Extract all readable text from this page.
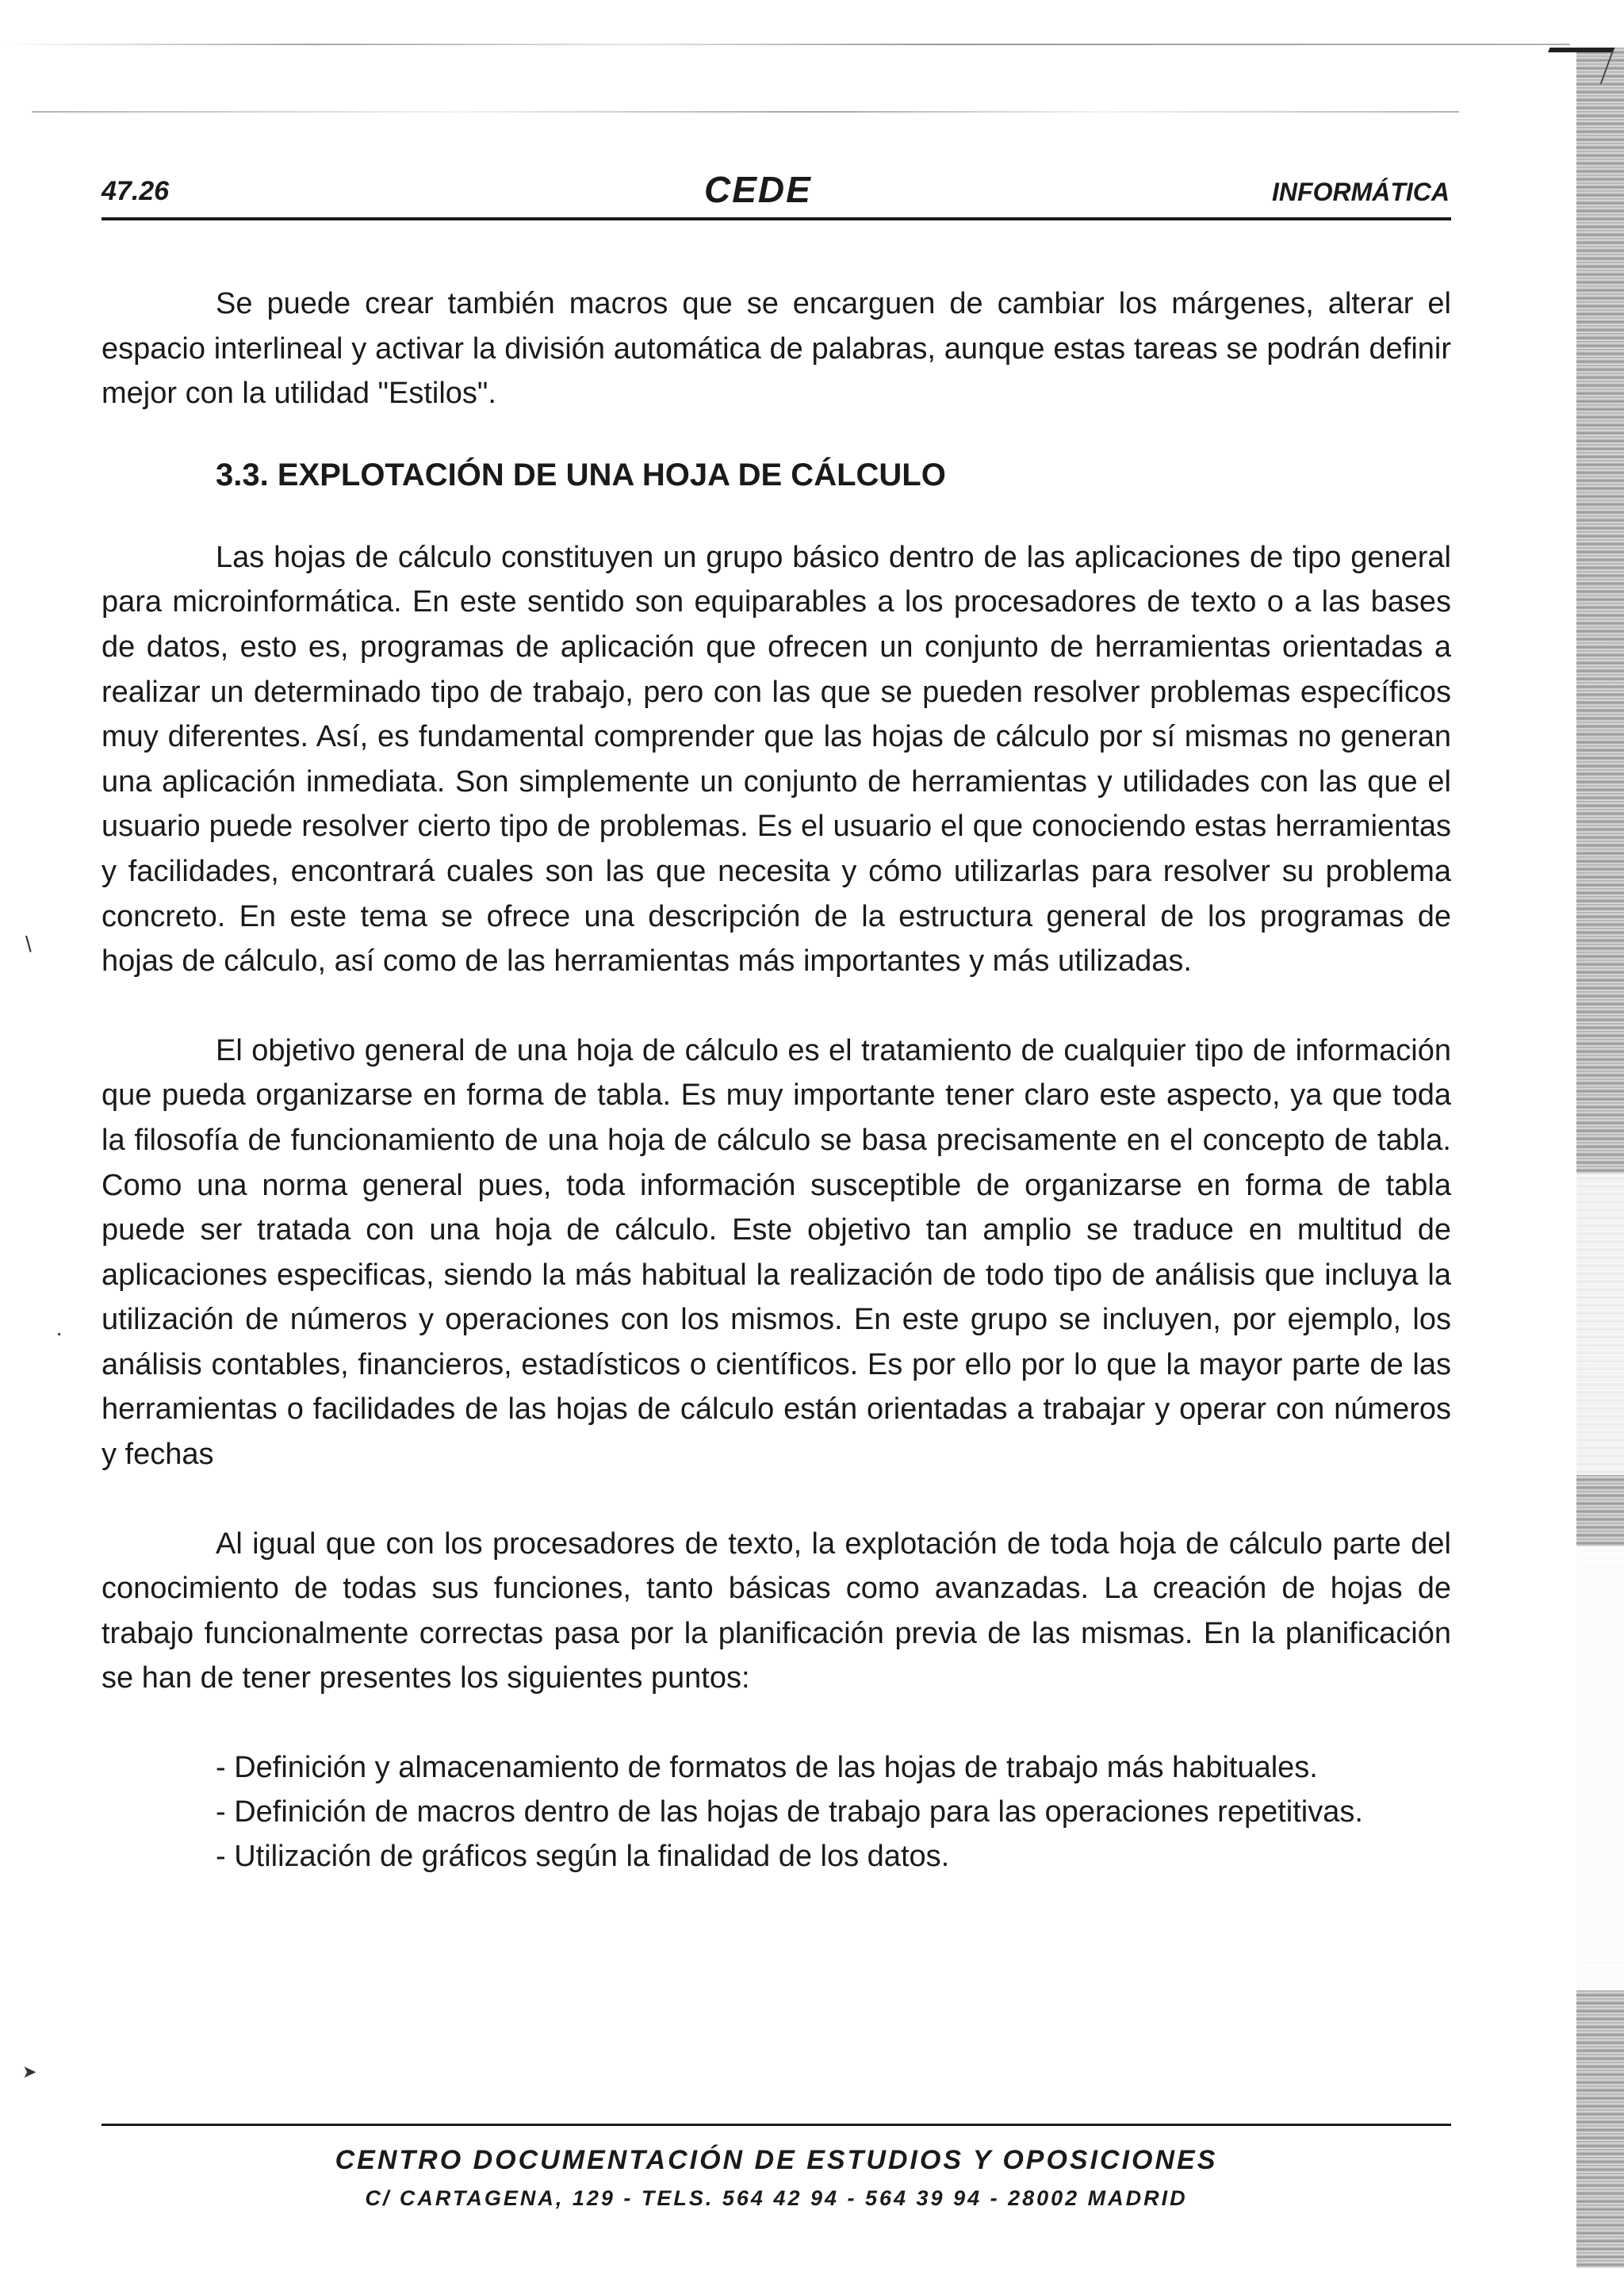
\
·
➤
47.26	CEDE	INFORMÁTICA

Se puede crear también macros que se encarguen de cambiar los márgenes, alterar el espacio interlineal y activar la división automática de palabras, aunque estas tareas se podrán definir mejor con la utilidad "Estilos".

3.3. EXPLOTACIÓN DE UNA HOJA DE CÁLCULO

Las hojas de cálculo constituyen un grupo básico dentro de las aplicaciones de tipo general para microinformática. En este sentido son equiparables a los procesadores de texto o a las bases de datos, esto es, programas de aplicación que ofrecen un conjunto de herramientas orientadas a realizar un determinado tipo de trabajo, pero con las que se pueden resolver problemas específicos muy diferentes. Así, es fundamental comprender que las hojas de cálculo por sí mismas no generan una aplicación inmediata. Son simplemente un conjunto de herramientas y utilidades con las que el usuario puede resolver cierto tipo de problemas. Es el usuario el que conociendo estas herramientas y facilidades, encontrará cuales son las que necesita y cómo utilizarlas para resolver su problema concreto. En este tema se ofrece una descripción de la estructura general de los programas de hojas de cálculo, así como de las herramientas más importantes y más utilizadas.

El objetivo general de una hoja de cálculo es el tratamiento de cualquier tipo de información que pueda organizarse en forma de tabla. Es muy importante tener claro este aspecto, ya que toda la filosofía de funcionamiento de una hoja de cálculo se basa precisamente en el concepto de tabla. Como una norma general pues, toda información susceptible de organizarse en forma de tabla puede ser tratada con una hoja de cálculo. Este objetivo tan amplio se traduce en multitud de aplicaciones especificas, siendo la más habitual la realización de todo tipo de análisis que incluya la utilización de números y operaciones con los mismos. En este grupo se incluyen, por ejemplo, los análisis contables, financieros, estadísticos o científicos. Es por ello por lo que la mayor parte de las herramientas o facilidades de las hojas de cálculo están orientadas a trabajar y operar con números y fechas

Al igual que con los procesadores de texto, la explotación de toda hoja de cálculo parte del conocimiento de todas sus funciones, tanto básicas como avanzadas. La creación de hojas de trabajo funcionalmente correctas pasa por la planificación previa de las mismas. En la planificación se han de tener presentes los siguientes puntos:

- Definición y almacenamiento de formatos de las hojas de trabajo más habituales.
- Definición de macros dentro de las hojas de trabajo para las operaciones repetitivas.
- Utilización de gráficos según la finalidad de los datos.
CENTRO DOCUMENTACIÓN DE ESTUDIOS Y OPOSICIONES
C/ CARTAGENA, 129 - TELS. 564 42 94 - 564 39 94 - 28002 MADRID
